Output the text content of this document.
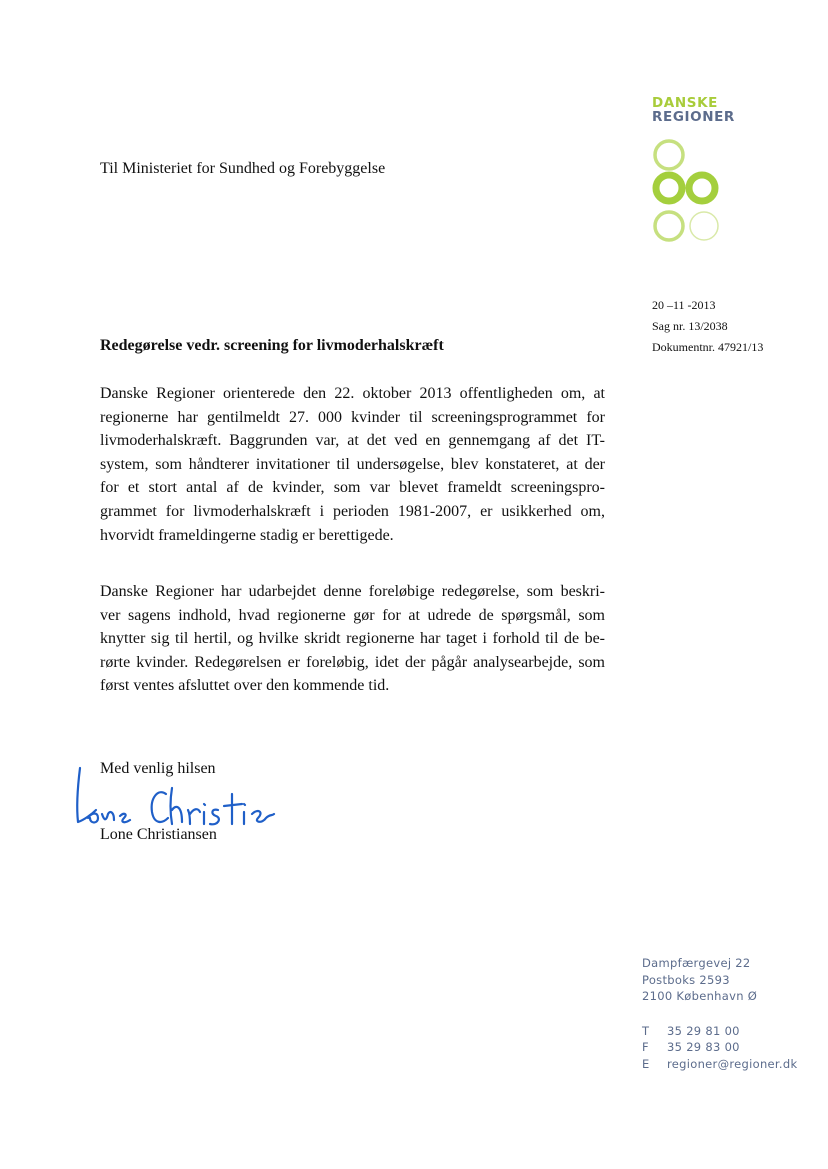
DANSKE
REGIONER
Til Ministeriet for Sundhed og Forebyggelse
20 –11 -2013
Sag nr. 13/2038
Dokumentnr. 47921/13
Redegørelse vedr. screening for livmoderhalskræft
Danske Regioner orienterede den 22. oktober 2013 offentligheden om, at
regionerne har gentilmeldt 27. 000 kvinder til screeningsprogrammet for
livmoderhalskræft. Baggrunden var, at det ved en gennemgang af det IT-
system, som håndterer invitationer til undersøgelse, blev konstateret, at der
for et stort antal af de kvinder, som var blevet frameldt screeningspro-
grammet for livmoderhalskræft i perioden 1981-2007, er usikkerhed om,
hvorvidt frameldingerne stadig er berettigede.
Danske Regioner har udarbejdet denne foreløbige redegørelse, som beskri-
ver sagens indhold, hvad regionerne gør for at udrede de spørgsmål, som
knytter sig til hertil, og hvilke skridt regionerne har taget i forhold til de be-
rørte kvinder. Redegørelsen er foreløbig, idet der pågår analysearbejde, som
først ventes afsluttet over den kommende tid.
Med venlig hilsen
Lone Christiansen
Dampfærgevej 22
Postboks 2593
2100 København Ø
T 35 29 81 00
F 35 29 83 00
E regioner@regioner.dk
